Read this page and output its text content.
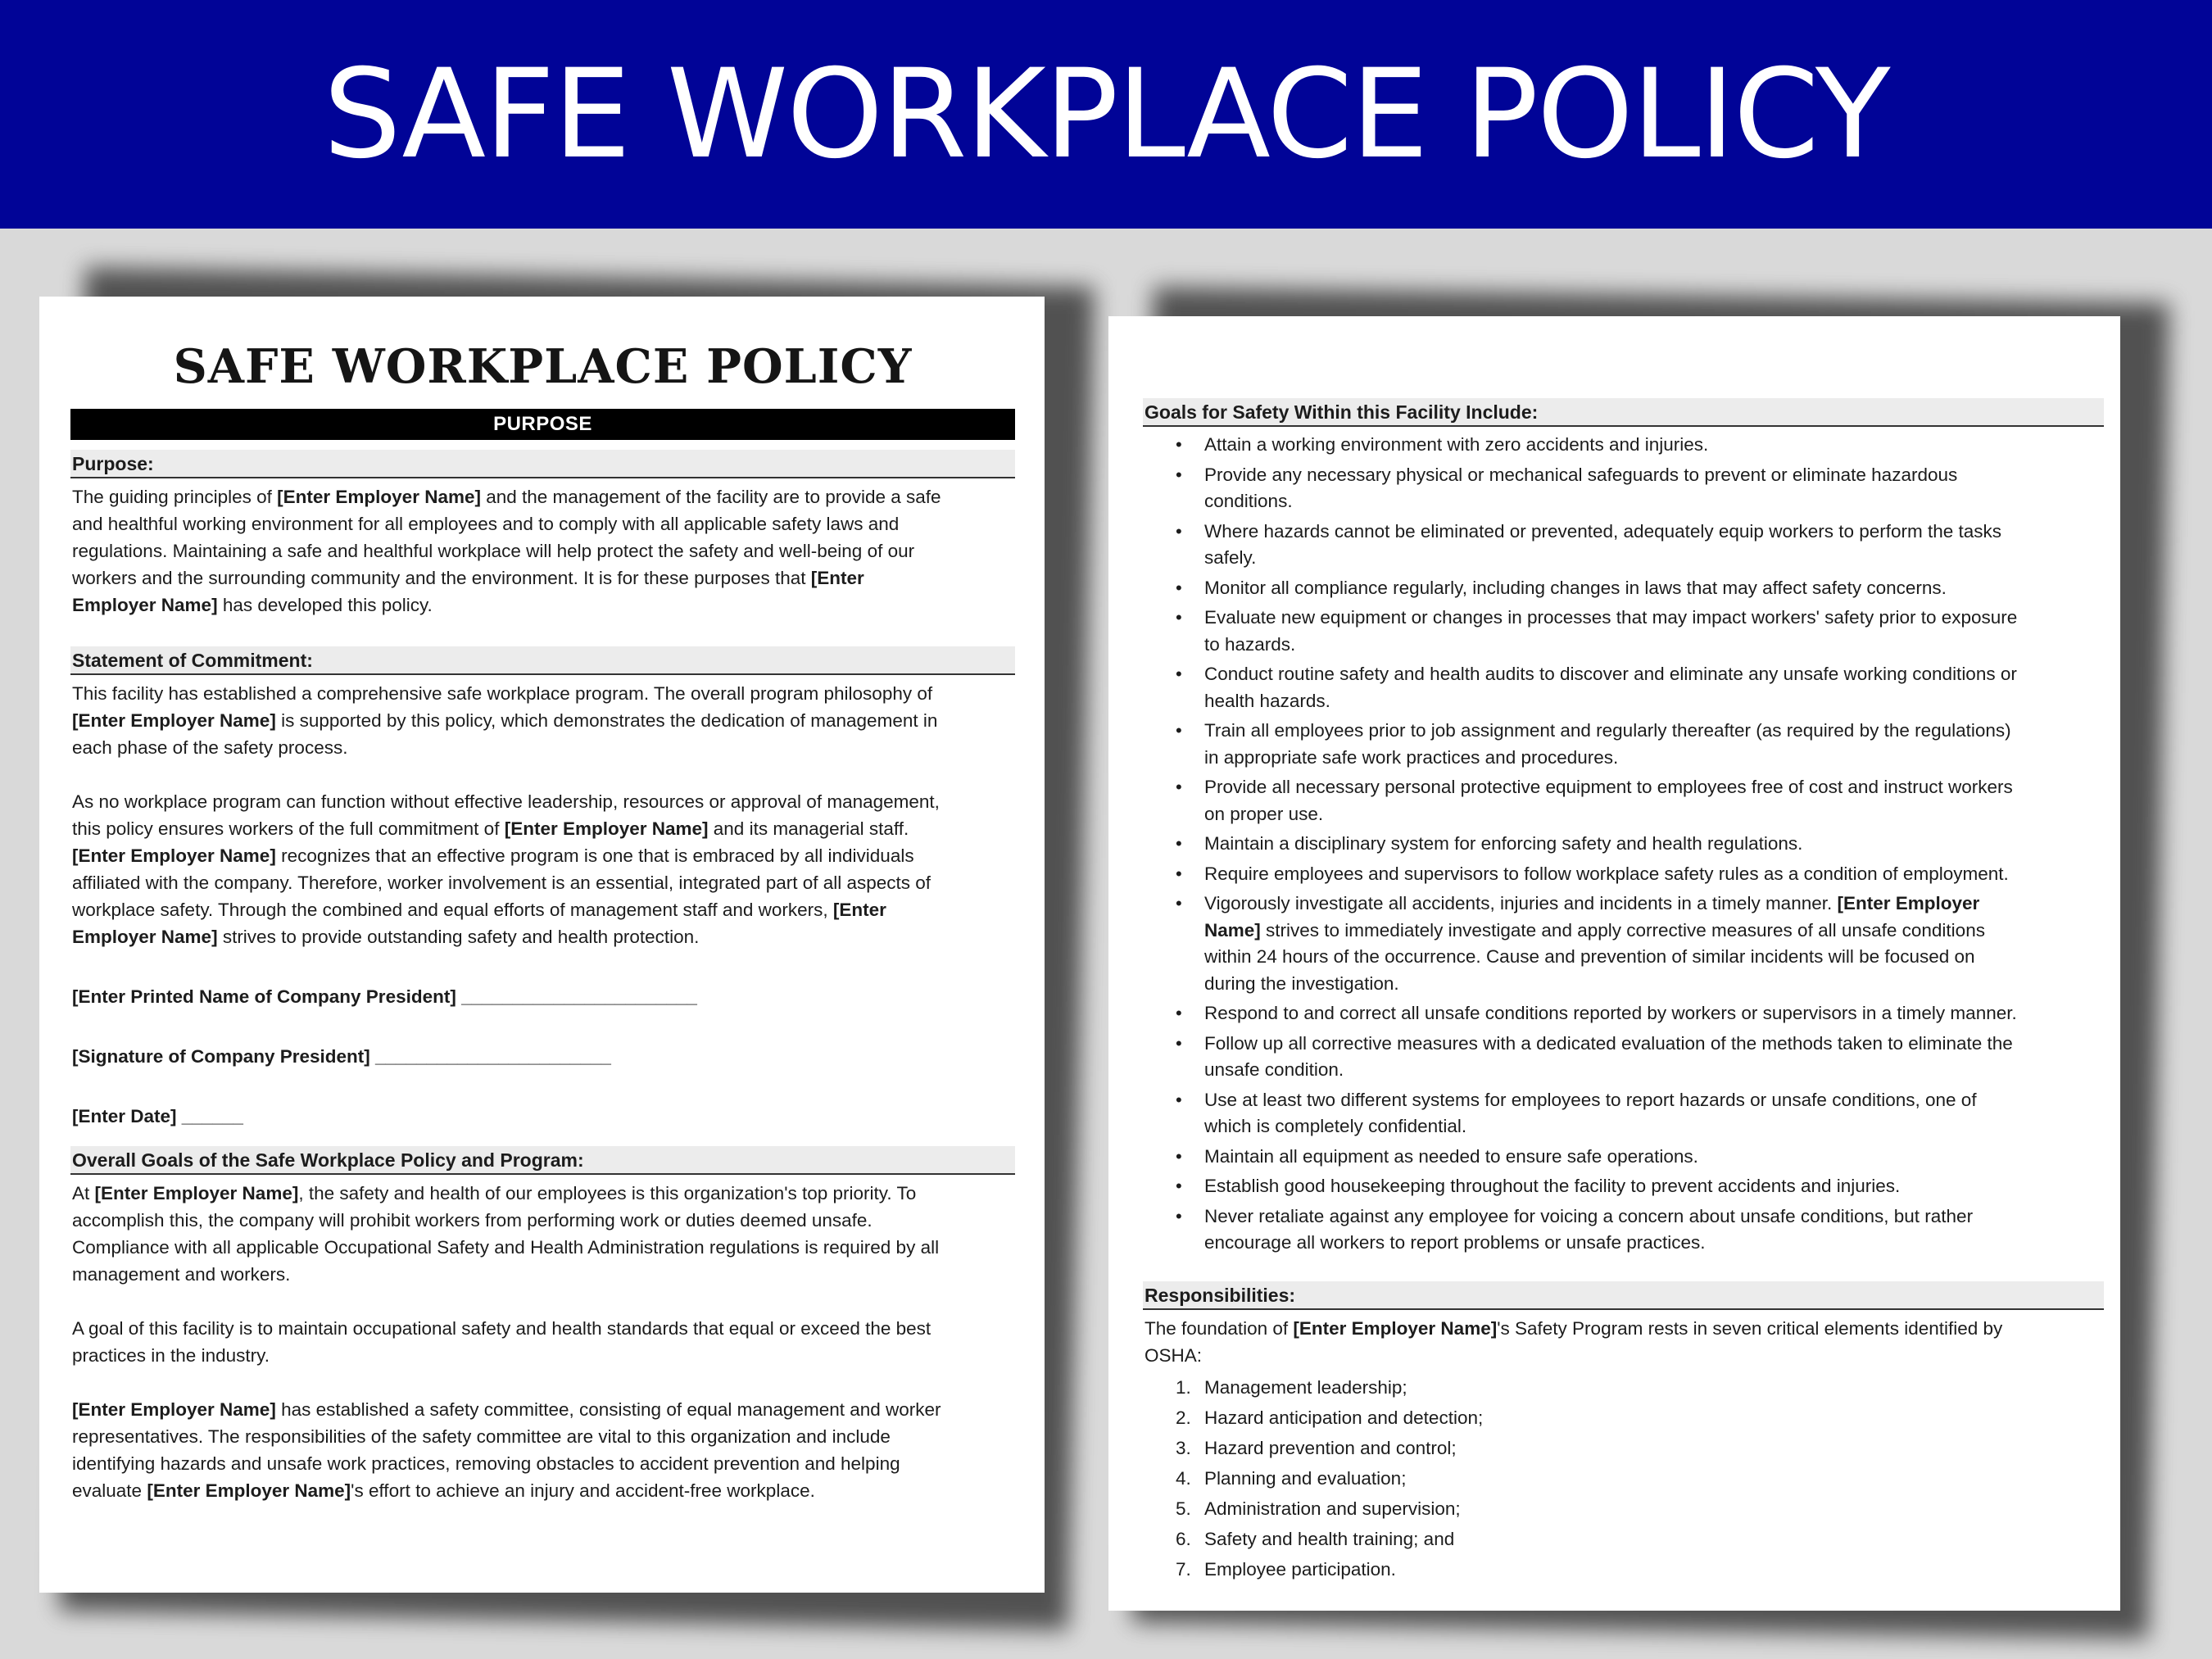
SAFE WORKPLACE POLICY
SAFE WORKPLACE POLICY
PURPOSE
Purpose:
The guiding principles of [Enter Employer Name] and the management of the facility are to provide a safe
and healthful working environment for all employees and to comply with all applicable safety laws and
regulations. Maintaining a safe and healthful workplace will help protect the safety and well-being of our
workers and the surrounding community and the environment. It is for these purposes that [Enter
Employer Name] has developed this policy.
Statement of Commitment:
This facility has established a comprehensive safe workplace program. The overall program philosophy of
[Enter Employer Name] is supported by this policy, which demonstrates the dedication of management in
each phase of the safety process.
As no workplace program can function without effective leadership, resources or approval of management,
this policy ensures workers of the full commitment of [Enter Employer Name] and its managerial staff.
[Enter Employer Name] recognizes that an effective program is one that is embraced by all individuals
affiliated with the company. Therefore, worker involvement is an essential, integrated part of all aspects of
workplace safety. Through the combined and equal efforts of management staff and workers, [Enter
Employer Name] strives to provide outstanding safety and health protection.
[Enter Printed Name of Company President] _______________________
[Signature of Company President] _______________________
[Enter Date] ______
Overall Goals of the Safe Workplace Policy and Program:
At [Enter Employer Name], the safety and health of our employees is this organization's top priority. To
accomplish this, the company will prohibit workers from performing work or duties deemed unsafe.
Compliance with all applicable Occupational Safety and Health Administration regulations is required by all
management and workers.
A goal of this facility is to maintain occupational safety and health standards that equal or exceed the best
practices in the industry.
[Enter Employer Name] has established a safety committee, consisting of equal management and worker
representatives. The responsibilities of the safety committee are vital to this organization and include
identifying hazards and unsafe work practices, removing obstacles to accident prevention and helping
evaluate [Enter Employer Name]'s effort to achieve an injury and accident-free workplace.
Goals for Safety Within this Facility Include:
• Attain a working environment with zero accidents and injuries.
• Provide any necessary physical or mechanical safeguards to prevent or eliminate hazardous
conditions.
• Where hazards cannot be eliminated or prevented, adequately equip workers to perform the tasks
safely.
• Monitor all compliance regularly, including changes in laws that may affect safety concerns.
• Evaluate new equipment or changes in processes that may impact workers' safety prior to exposure
to hazards.
• Conduct routine safety and health audits to discover and eliminate any unsafe working conditions or
health hazards.
• Train all employees prior to job assignment and regularly thereafter (as required by the regulations)
in appropriate safe work practices and procedures.
• Provide all necessary personal protective equipment to employees free of cost and instruct workers
on proper use.
• Maintain a disciplinary system for enforcing safety and health regulations.
• Require employees and supervisors to follow workplace safety rules as a condition of employment.
• Vigorously investigate all accidents, injuries and incidents in a timely manner. [Enter Employer
Name] strives to immediately investigate and apply corrective measures of all unsafe conditions
within 24 hours of the occurrence. Cause and prevention of similar incidents will be focused on
during the investigation.
• Respond to and correct all unsafe conditions reported by workers or supervisors in a timely manner.
• Follow up all corrective measures with a dedicated evaluation of the methods taken to eliminate the
unsafe condition.
• Use at least two different systems for employees to report hazards or unsafe conditions, one of
which is completely confidential.
• Maintain all equipment as needed to ensure safe operations.
• Establish good housekeeping throughout the facility to prevent accidents and injuries.
• Never retaliate against any employee for voicing a concern about unsafe conditions, but rather
encourage all workers to report problems or unsafe practices.
Responsibilities:
The foundation of [Enter Employer Name]'s Safety Program rests in seven critical elements identified by
OSHA:
1. Management leadership;
2. Hazard anticipation and detection;
3. Hazard prevention and control;
4. Planning and evaluation;
5. Administration and supervision;
6. Safety and health training; and
7. Employee participation.
